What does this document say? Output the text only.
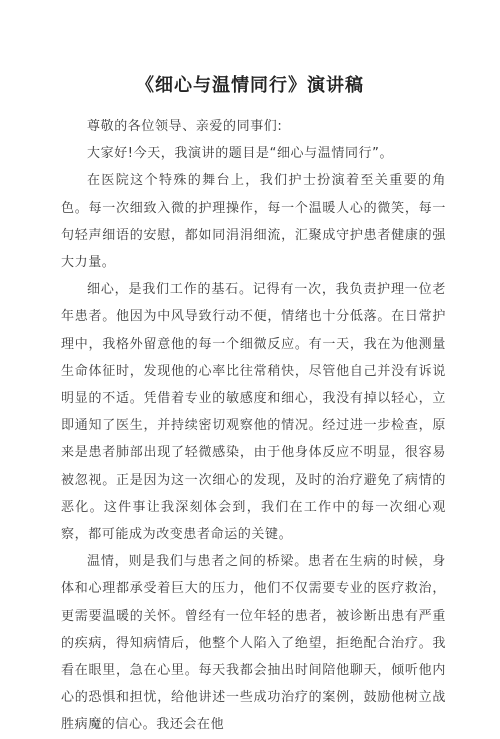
《细心与温情同行》演讲稿

尊敬的各位领导、亲爱的同事们:

大家好!今天，我演讲的题目是“细心与温情同行”。

在医院这个特殊的舞台上，我们护士扮演着至关重要的角色。每一次细致入微的护理操作，每一个温暖人心的微笑，每一句轻声细语的安慰，都如同涓涓细流，汇聚成守护患者健康的强大力量。

细心，是我们工作的基石。记得有一次，我负责护理一位老年患者。他因为中风导致行动不便，情绪也十分低落。在日常护理中，我格外留意他的每一个细微反应。有一天，我在为他测量生命体征时，发现他的心率比往常稍快，尽管他自己并没有诉说明显的不适。凭借着专业的敏感度和细心，我没有掉以轻心，立即通知了医生，并持续密切观察他的情况。经过进一步检查，原来是患者肺部出现了轻微感染，由于他身体反应不明显，很容易被忽视。正是因为这一次细心的发现，及时的治疗避免了病情的恶化。这件事让我深刻体会到，我们在工作中的每一次细心观察，都可能成为改变患者命运的关键。

温情，则是我们与患者之间的桥梁。患者在生病的时候，身体和心理都承受着巨大的压力，他们不仅需要专业的医疗救治，更需要温暖的关怀。曾经有一位年轻的患者，被诊断出患有严重的疾病，得知病情后，他整个人陷入了绝望，拒绝配合治疗。我看在眼里，急在心里。每天我都会抽出时间陪他聊天，倾听他内心的恐惧和担忧，给他讲述一些成功治疗的案例，鼓励他树立战胜病魔的信心。我还会在他
